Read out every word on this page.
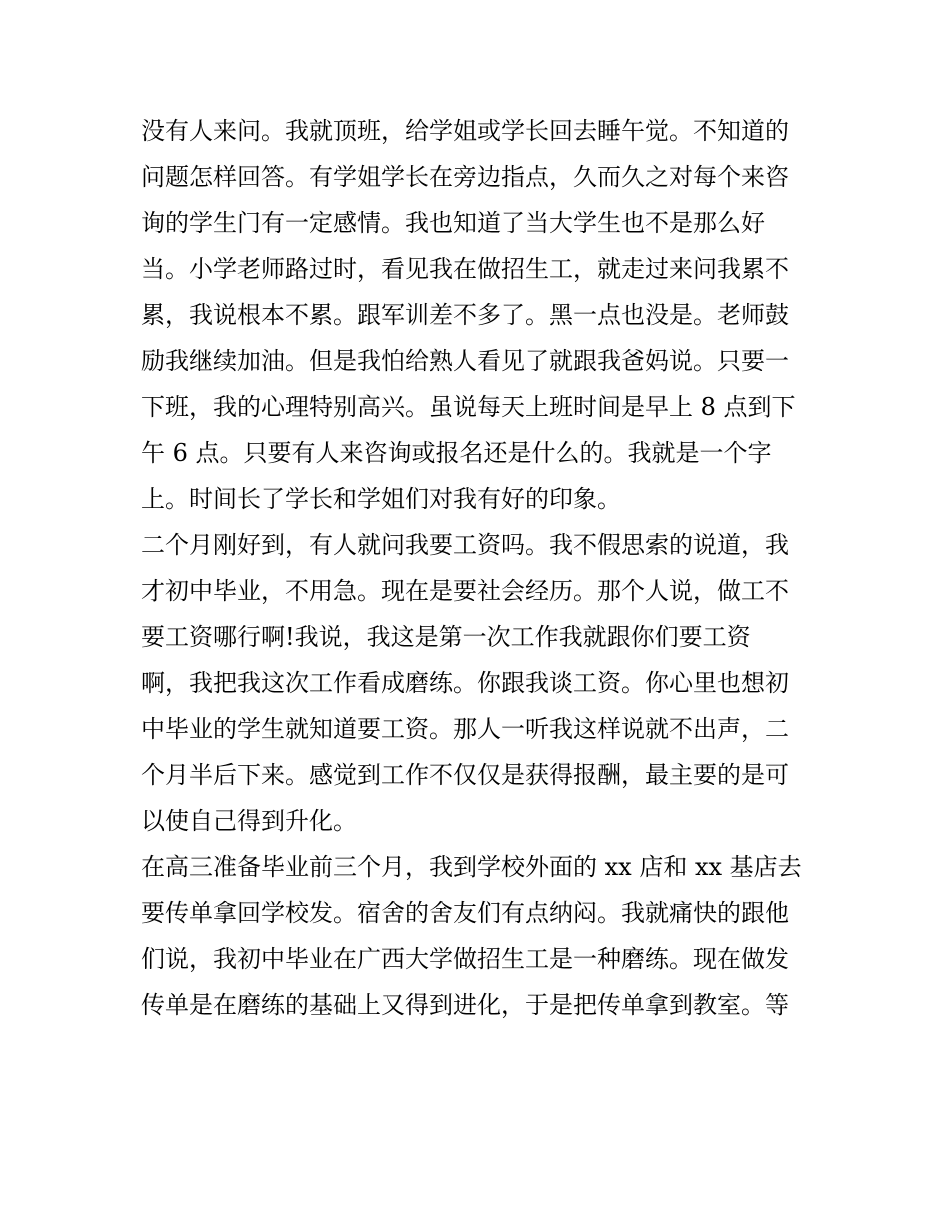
没有人来问。我就顶班，给学姐或学长回去睡午觉。不知道的
问题怎样回答。有学姐学长在旁边指点，久而久之对每个来咨
询的学生门有一定感情。我也知道了当大学生也不是那么好
当。小学老师路过时，看见我在做招生工，就走过来问我累不
累，我说根本不累。跟军训差不多了。黑一点也没是。老师鼓
励我继续加油。但是我怕给熟人看见了就跟我爸妈说。只要一
下班，我的心理特别高兴。虽说每天上班时间是早上 8 点到下
午 6 点。只要有人来咨询或报名还是什么的。我就是一个字
上。时间长了学长和学姐们对我有好的印象。
二个月刚好到，有人就问我要工资吗。我不假思索的说道，我
才初中毕业，不用急。现在是要社会经历。那个人说，做工不
要工资哪行啊!我说，我这是第一次工作我就跟你们要工资
啊，我把我这次工作看成磨练。你跟我谈工资。你心里也想初
中毕业的学生就知道要工资。那人一听我这样说就不出声，二
个月半后下来。感觉到工作不仅仅是获得报酬，最主要的是可
以使自己得到升化。
在高三准备毕业前三个月，我到学校外面的 xx 店和 xx 基店去
要传单拿回学校发。宿舍的舍友们有点纳闷。我就痛快的跟他
们说，我初中毕业在广西大学做招生工是一种磨练。现在做发
传单是在磨练的基础上又得到进化，于是把传单拿到教室。等
